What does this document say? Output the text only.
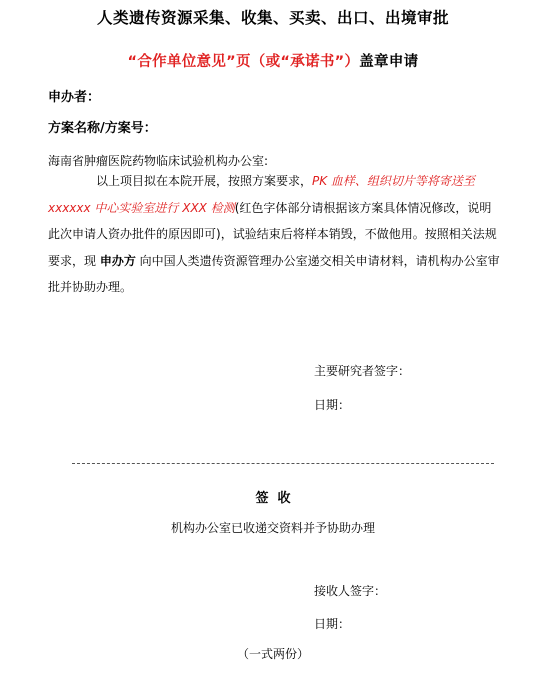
人类遗传资源采集、收集、买卖、出口、出境审批
“合作单位意见”页（或“承诺书”）盖章申请
申办者：
方案名称/方案号：
海南省肿瘤医院药物临床试验机构办公室:
以上项目拟在本院开展，按照方案要求，PK 血样、组织切片等将寄送至 xxxxxx 中心实验室进行 XXX 检测(红色字体部分请根据该方案具体情况修改，说明此次申请人资办批件的原因即可)，试验结束后将样本销毁，不做他用。按照相关法规要求，现 申办方 向中国人类遗传资源管理办公室递交相关申请材料，请机构办公室审批并协助办理。
主要研究者签字：
日期：
签  收
机构办公室已收递交资料并予协助办理
接收人签字：
日期：
（一式两份）
